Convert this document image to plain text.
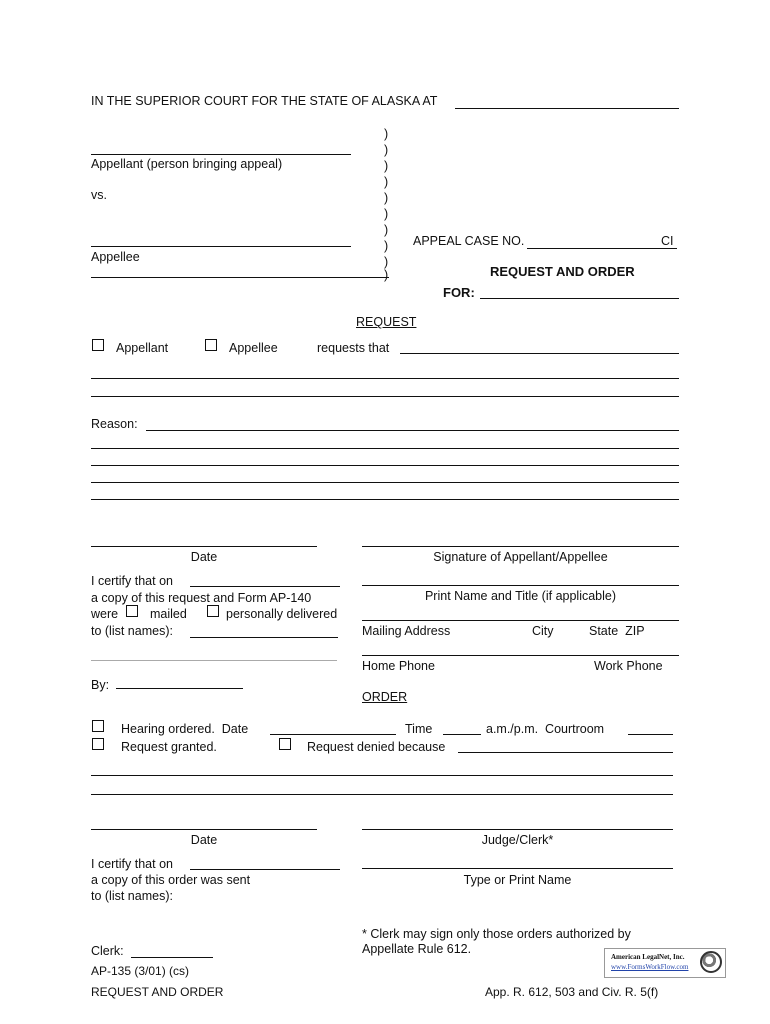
IN THE SUPERIOR COURT FOR THE STATE OF ALASKA AT
Appellant (person bringing appeal)
vs.
Appellee
)
)
)
)
)
)
)
)
)
)
APPEAL CASE NO.	CI
REQUEST AND ORDER
FOR:
REQUEST
Appellant	Appellee	requests that
Reason:
Date	Signature of Appellant/Appellee
I certify that on
a copy of this request and Form AP-140
were	mailed	personally delivered
to (list names):
Print Name and Title (if applicable)
Mailing Address	City	State  ZIP
Home Phone	Work Phone
By:
ORDER
Hearing ordered.  Date	Time	a.m./p.m.  Courtroom
Request granted.	Request denied because
Date	Judge/Clerk*
I certify that on
a copy of this order was sent
to (list names):
Type or Print Name
* Clerk may sign only those orders authorized by
Appellate Rule 612.
Clerk:
AP-135 (3/01) (cs)
REQUEST AND ORDER	App. R. 612, 503 and Civ. R. 5(f)
American LegalNet, Inc.
www.FormsWorkFlow.com
